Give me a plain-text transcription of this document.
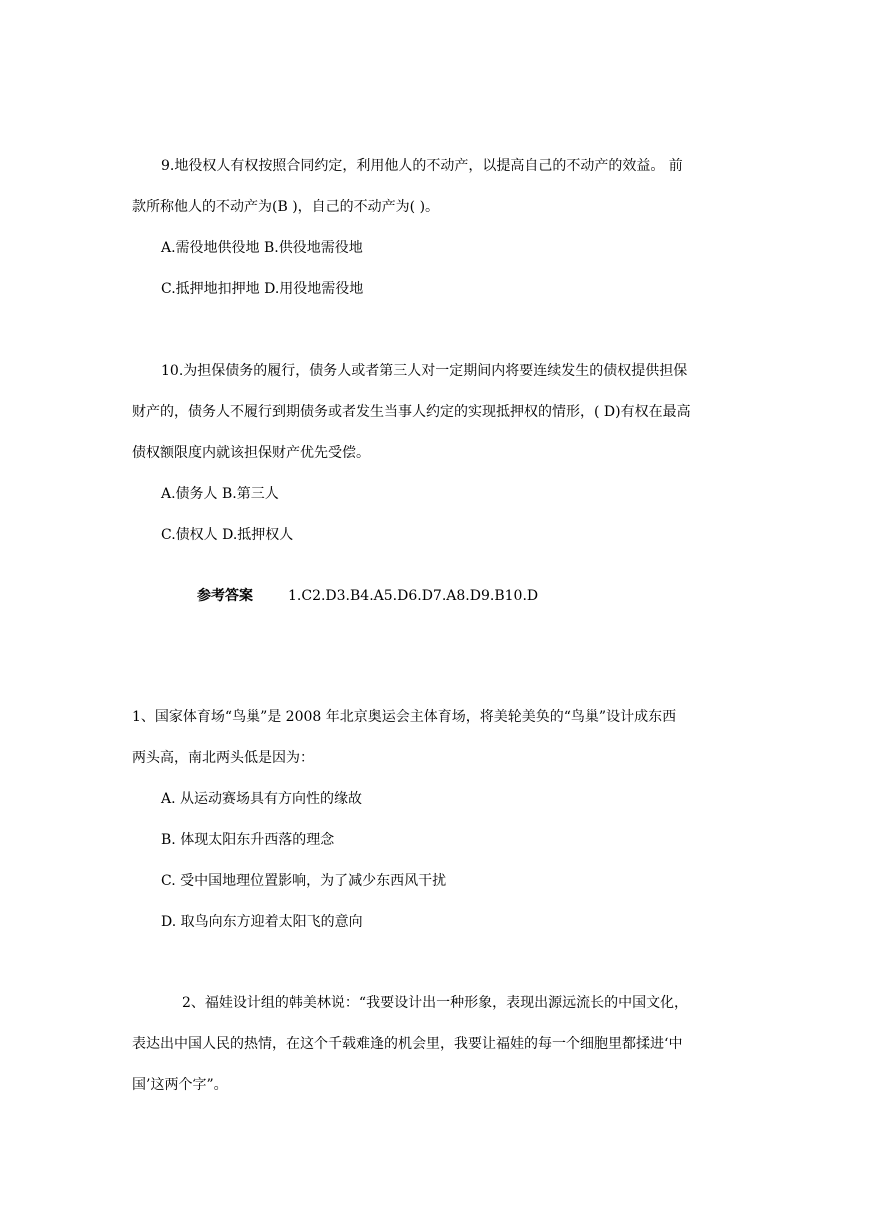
9.地役权人有权按照合同约定，利用他人的不动产，以提高自己的不动产的效益。 前
款所称他人的不动产为(B )，自己的不动产为( )。
A.需役地供役地 B.供役地需役地
C.抵押地扣押地 D.用役地需役地
10.为担保债务的履行，债务人或者第三人对一定期间内将要连续发生的债权提供担保
财产的，债务人不履行到期债务或者发生当事人约定的实现抵押权的情形，( D)有权在最高
债权额限度内就该担保财产优先受偿。
A.债务人 B.第三人
C.债权人 D.抵押权人
参考答案	1.C2.D3.B4.A5.D6.D7.A8.D9.B10.D
1、国家体育场“鸟巢”是 2008 年北京奥运会主体育场，将美轮美奂的“鸟巢”设计成东西
两头高，南北两头低是因为：
A. 从运动赛场具有方向性的缘故
B. 体现太阳东升西落的理念
C. 受中国地理位置影响，为了减少东西风干扰
D. 取鸟向东方迎着太阳飞的意向
2、福娃设计组的韩美林说：“我要设计出一种形象，表现出源远流长的中国文化，
表达出中国人民的热情，在这个千载难逢的机会里，我要让福娃的每一个细胞里都揉进‘中
国’这两个字”。
